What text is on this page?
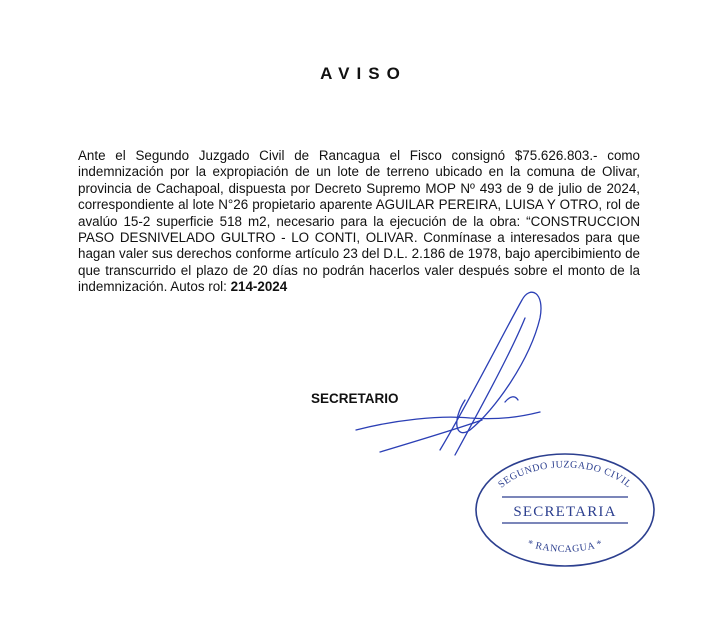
AVISO

Ante el Segundo Juzgado Civil de Rancagua el Fisco consignó $75.626.803.- como indemnización por la expropiación de un lote de terreno ubicado en la comuna de Olivar, provincia de Cachapoal, dispuesta por Decreto Supremo MOP Nº 493 de 9 de julio de 2024, correspondiente al lote N°26 propietario aparente AGUILAR PEREIRA, LUISA Y OTRO, rol de avalúo 15-2 superficie 518 m2, necesario para la ejecución de la obra: “CONSTRUCCION PASO DESNIVELADO GULTRO - LO CONTI, OLIVAR. Conmínase a interesados para que hagan valer sus derechos conforme artículo 23 del D.L. 2.186 de 1978, bajo apercibimiento de que transcurrido el plazo de 20 días no podrán hacerlos valer después sobre el monto de la indemnización. Autos rol: 214-2024

SECRETARIO
SEGUNDO JUZGADO CIVIL
SECRETARIA
* RANCAGUA *
